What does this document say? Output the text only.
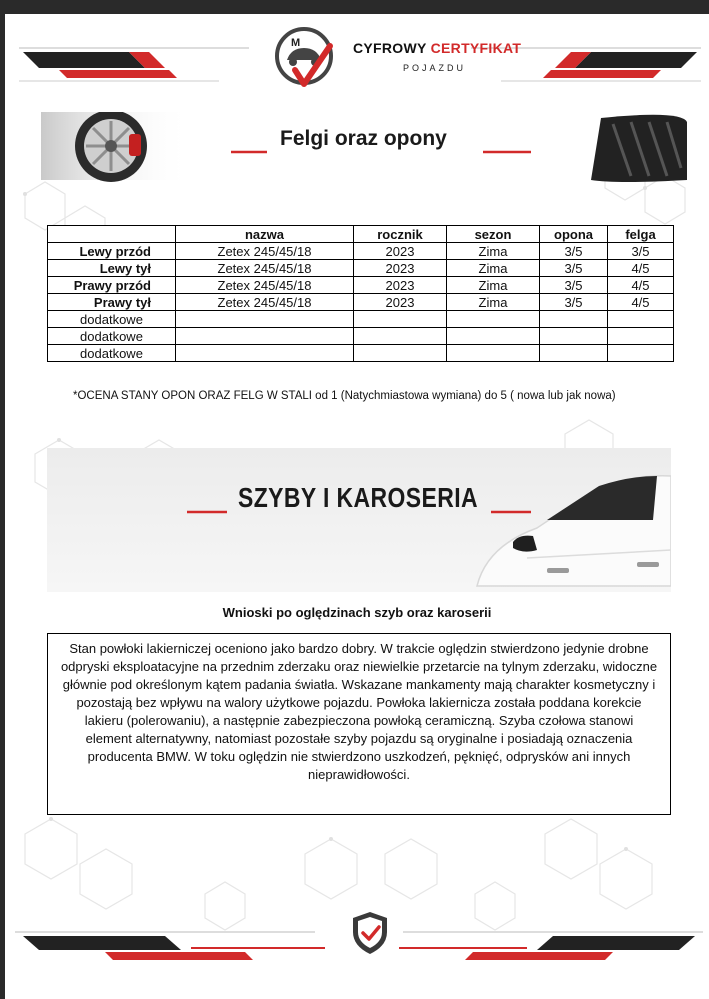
M	CYFROWY CERTYFIKAT
POJAZDU
Felgi oraz opony
	nazwa	rocznik	sezon	opona	felga
Lewy przód	Zetex 245/45/18	2023	Zima	3/5	3/5
Lewy tył	Zetex 245/45/18	2023	Zima	3/5	4/5
Prawy przód	Zetex 245/45/18	2023	Zima	3/5	4/5
Prawy tył	Zetex 245/45/18	2023	Zima	3/5	4/5
dodatkowe					
dodatkowe					
dodatkowe					
*OCENA STANY OPON ORAZ FELG W STALI od 1 (Natychmiastowa wymiana) do 5 ( nowa lub jak nowa)
SZYBY I KAROSERIA
Wnioski po oględzinach szyb oraz karoserii
Stan powłoki lakierniczej oceniono jako bardzo dobry. W trakcie oględzin stwierdzono jedynie drobne odpryski eksploatacyjne na przednim zderzaku oraz niewielkie przetarcie na tylnym zderzaku, widoczne głównie pod określonym kątem padania światła. Wskazane mankamenty mają charakter kosmetyczny i pozostają bez wpływu na walory użytkowe pojazdu. Powłoka lakiernicza została poddana korekcie lakieru (polerowaniu), a następnie zabezpieczona powłoką ceramiczną. Szyba czołowa stanowi element alternatywny, natomiast pozostałe szyby pojazdu są oryginalne i posiadają oznaczenia producenta BMW. W toku oględzin nie stwierdzono uszkodzeń, pęknięć, odprysków ani innych nieprawidłowości.
